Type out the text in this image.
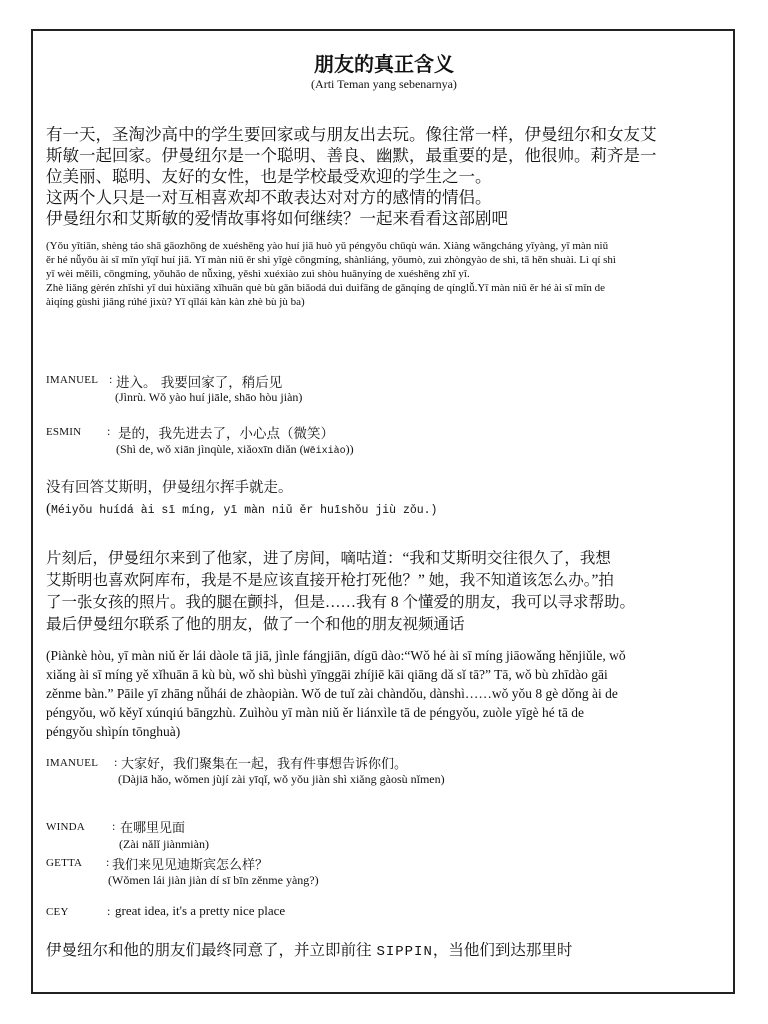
朋友的真正含义
(Arti Teman yang sebenarnya)
有一天，圣淘沙高中的学生要回家或与朋友出去玩。像往常一样，伊曼纽尔和女友艾
斯敏一起回家。伊曼纽尔是一个聪明、善良、幽默，最重要的是，他很帅。莉齐是一
位美丽、聪明、友好的女性，也是学校最受欢迎的学生之一。
这两个人只是一对互相喜欢却不敢表达对对方的感情的情侣。
伊曼纽尔和艾斯敏的爱情故事将如何继续？一起来看看这部剧吧
(Yǒu yītiān, shèng táo shā gāozhōng de xuéshēng yào huí jiā huò yǔ péngyǒu chūqù wán. Xiàng wǎngcháng yīyàng, yī màn niǔ
ěr hé nǚyǒu ài sī mǐn yīqǐ huí jiā. Yī màn niǔ ěr shì yīgè cōngmíng, shànliáng, yōumò, zuì zhòngyào de shì, tā hěn shuài. Lì qí shì
yī wèi měilì, cōngmíng, yǒuhǎo de nǚxìng, yěshì xuéxiào zuì shòu huānyíng de xuéshēng zhī yī.
Zhè liǎng gèrén zhǐshì yī duì hùxiāng xǐhuān què bù gǎn biǎodá duì duìfāng de gǎnqíng de qínglǚ.Yī màn niǔ ěr hé ài sī mǐn de
àiqíng gùshì jiāng rúhé jìxù? Yī qǐlái kàn kàn zhè bù jù ba)
IMANUEL : 进入。 我要回家了，稍后见
(Jìnrù. Wǒ yào huí jiāle, shāo hòu jiàn)
ESMIN : 是的，我先进去了，小心点（微笑）
(Shì de, wǒ xiān jìnqùle, xiǎoxīn diǎn (Wēixiào))
没有回答艾斯明，伊曼纽尔挥手就走。
(Méiyǒu huídá ài sī míng, yī màn niǔ ěr huīshǒu jiù zǒu.)
片刻后，伊曼纽尔来到了他家，进了房间，嘀咕道：“我和艾斯明交往很久了，我想
艾斯明也喜欢阿库布，我是不是应该直接开枪打死他？” 她，我不知道该怎么办。”拍
了一张女孩的照片。我的腿在颤抖，但是……我有 8 个懂爱的朋友，我可以寻求帮助。
最后伊曼纽尔联系了他的朋友，做了一个和他的朋友视频通话
(Piànkè hòu, yī màn niǔ ěr lái dàole tā jiā, jìnle fángjiān, dígū dào:“Wǒ hé ài sī míng jiāowǎng hěnjiǔle, wǒ
xiǎng ài sī míng yě xǐhuān ā kù bù, wǒ shì bùshì yīnggāi zhíjiē kāi qiāng dǎ sǐ tā?” Tā, wǒ bù zhīdào gāi
zěnme bàn.” Pāile yī zhāng nǚhái de zhàopiàn. Wǒ de tuǐ zài chàndǒu, dànshì……wǒ yǒu 8 gè dǒng ài de
péngyǒu, wǒ kěyǐ xúnqiú bāngzhù. Zuìhòu yī màn niǔ ěr liánxìle tā de péngyǒu, zuòle yīgè hé tā de
péngyǒu shìpín tōnghuà)
IMANUEL : 大家好，我们聚集在一起，我有件事想告诉你们。
(Dàjiā hǎo, wǒmen jùjí zài yīqǐ, wǒ yǒu jiàn shì xiǎng gàosù nǐmen)
WINDA : 在哪里见面
(Zài nǎlǐ jiànmiàn)
GETTA : 我们来见见迪斯宾怎么样？
(Wǒmen lái jiàn jiàn dí sī bīn zěnme yàng?)
CEY	: great idea, it's a pretty nice place
伊曼纽尔和他的朋友们最终同意了，并立即前往 SIPPIN，当他们到达那里时
